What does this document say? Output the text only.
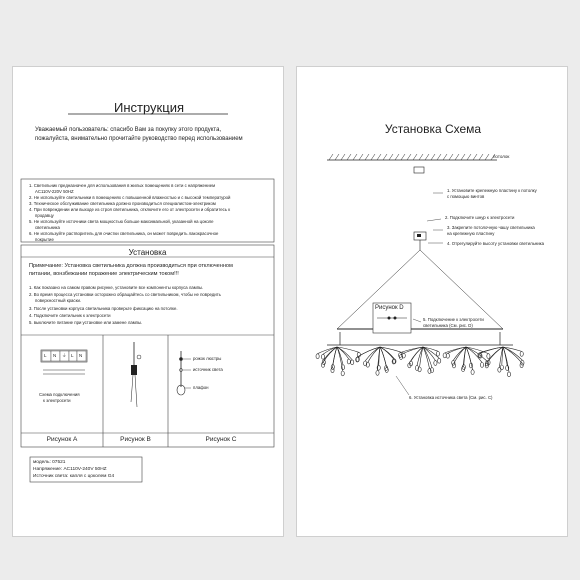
Инструкция
Уважаемый пользователь: спасибо Вам за покупку этого продукта,
пожалуйста, внимательно прочитайте руководство перед использованием
1. Светильник предназначен для использования в жилых помещениях в сети с напряжением
AC110V-220V 50HZ
2. Не используйте светильники в помещениях с повышенной влажностью и с высокой температурой
3. Техническое обслуживание светильника должно производиться специалистом-электриком
4. При повреждении или выходе из строя светильника, отключите его от электросети и обратитесь к
продавцу
5. Не используйте источники света мощностью больше максимальной, указанной на цоколе
светильника
6. Не используйте растворитель для очистки светильника, он может повредить лакокрасочное
покрытие
Установка
Примечание: Установка светильника должна производиться при отключенном
питании, вонзбежании поражение электрическим током!!!
1. Как показано на самом правом рисунке, установите все компоненты корпуса лампы.
2. Во время процесса установки осторожно обращайтесь со светильником, чтобы не повредить
поверхностный краски.
3. После установки корпуса светильника проверьте фиксацию на потолке.
4. Подключите светильник к электросети
5. выключите питание при установке или замене лампы.
L N ⏚ L N
Схема подключения
к электросети
Рисунок A	Рисунок B
рожок люстры
источник света
плафон
Рисунок C
модель: 07521
Напряжение: AC110V-240V 50HZ
Источник света: капля с цоколем G4
Установка Схема
потолок
1. Установите крепежную пластину к потолку
с помощью винтов
2. Подключите шнур к электросети
3. Закрепите потолочную чашу светильника
на крепежную пластину
4. Отрегулируйте высоту установки светильника
5. Подключение к электросети
светильника (См. рис. D)
6. Установка источника света (См. рис. C)
Рисунок D
